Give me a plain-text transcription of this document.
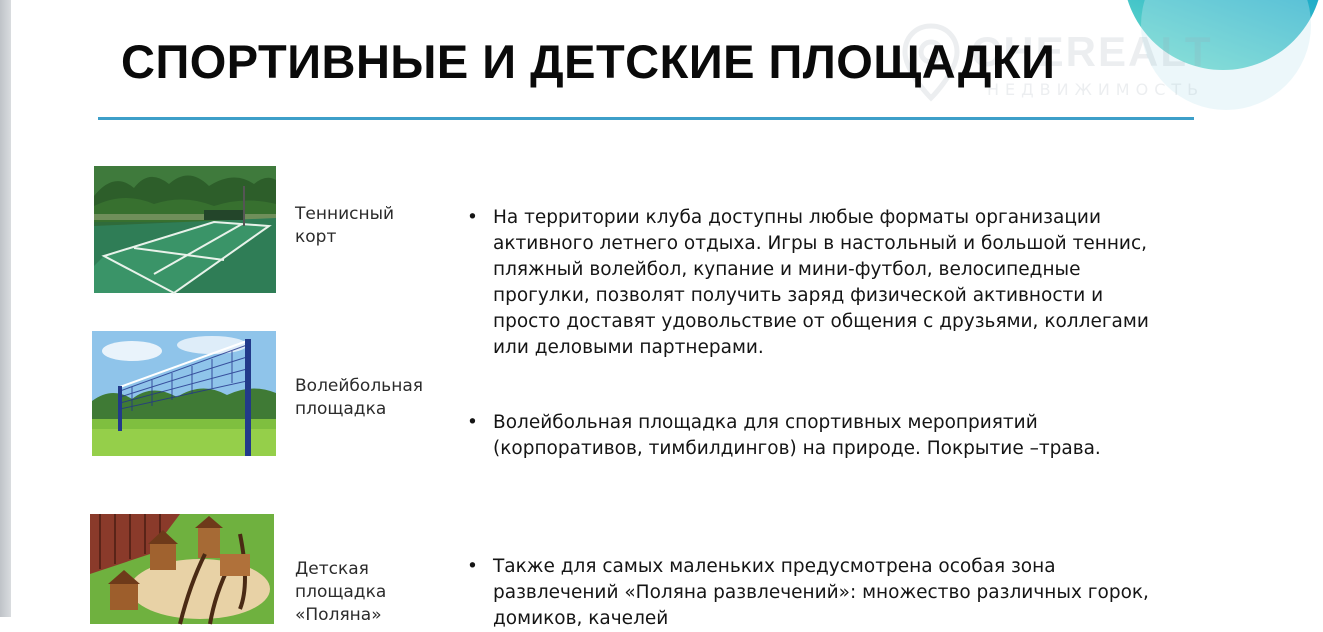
CHEREALT
НЕДВИЖИМОСТЬ
СПОРТИВНЫЕ И ДЕТСКИЕ ПЛОЩАДКИ
Теннисный
корт
Волейбольная
площадка
Детская
площадка
«Поляна»
• На территории клуба доступны любые форматы организации активного летнего отдыха. Игры в настольный и большой теннис, пляжный волейбол, купание и мини-футбол, велосипедные прогулки, позволят получить заряд физической активности и просто доставят удовольствие от общения с друзьями, коллегами или деловыми партнерами.
• Волейбольная площадка для спортивных мероприятий (корпоративов, тимбилдингов) на природе. Покрытие –трава.
• Также для самых маленьких предусмотрена особая зона развлечений «Поляна развлечений»: множество различных горок, домиков, качелей
